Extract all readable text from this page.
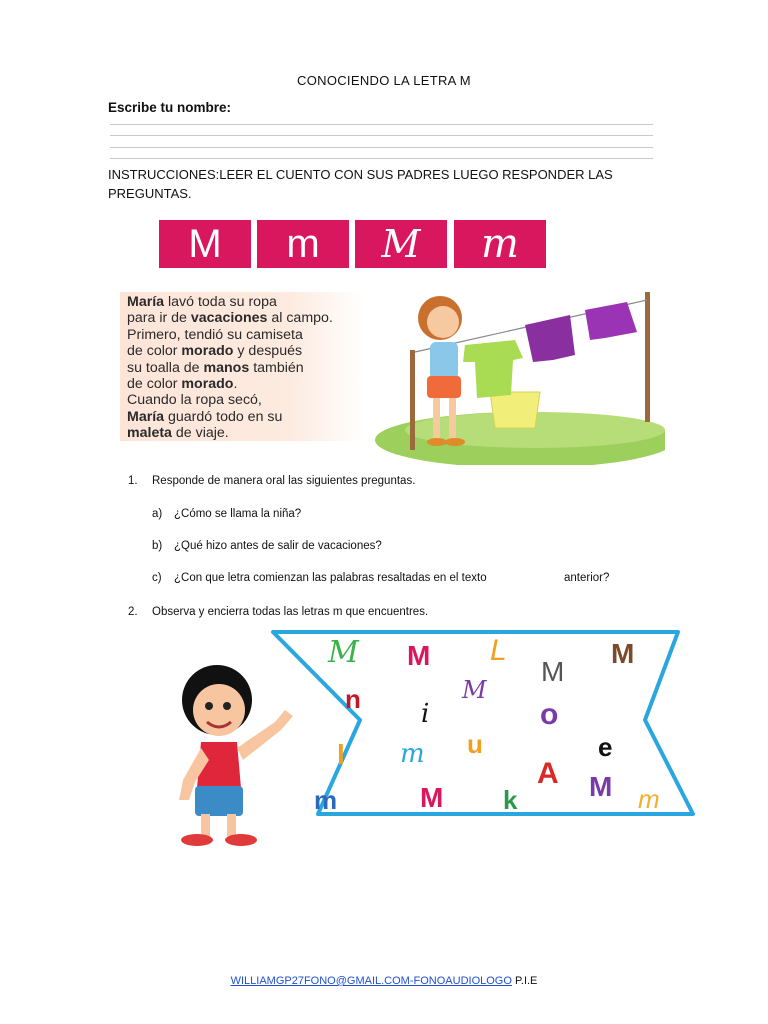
CONOCIENDO LA LETRA M
Escribe tu nombre:
INSTRUCCIONES:LEER EL CUENTO CON SUS PADRES LUEGO RESPONDER LAS PREGUNTAS.
M m M m
María lavó toda su ropa
para ir de vacaciones al campo.
Primero, tendió su camiseta
de color morado y después
su toalla de manos también
de color morado.
Cuando la ropa secó,
María guardó todo en su
maleta de viaje.
1. Responde de manera oral las siguientes preguntas.
a) ¿Cómo se llama la niña?
b) ¿Qué hizo antes de salir de vacaciones?
c) ¿Con que letra comienzan las palabras resaltadas en el texto	anterior?
2. Observa y encierra todas las letras m que encuentres.
M M L
M
M
n	M
i	o
l m u	e
A
m	M k	M m
WILLIAMGP27FONO@GMAIL.COM-FONOAUDIOLOGO P.I.E
